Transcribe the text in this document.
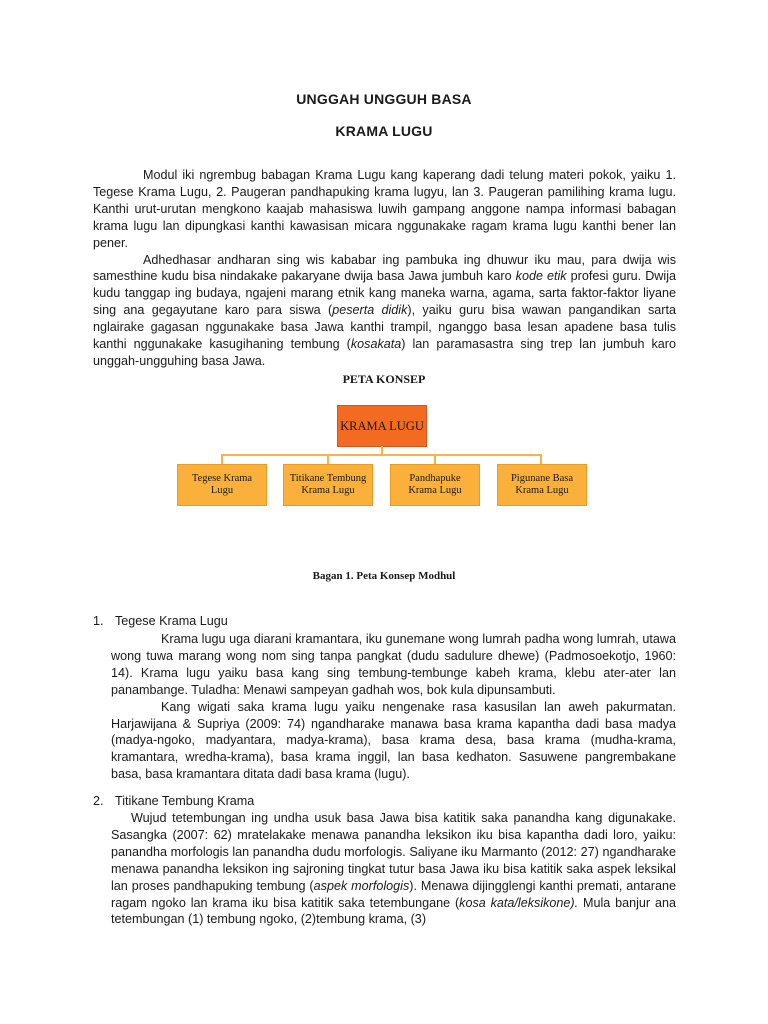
UNGGAH UNGGUH BASA
KRAMA LUGU

Modul iki ngrembug babagan Krama Lugu kang kaperang dadi telung materi pokok, yaiku 1. Tegese Krama Lugu, 2. Paugeran pandhapuking krama lugyu, lan 3. Paugeran pamilihing krama lugu. Kanthi urut-urutan mengkono kaajab mahasiswa luwih gampang anggone nampa informasi babagan krama lugu lan dipungkasi kanthi kawasisan micara nggunakake ragam krama lugu kanthi bener lan pener.

Adhedhasar andharan sing wis kababar ing pambuka ing dhuwur iku mau, para dwija wis samesthine kudu bisa nindakake pakaryane dwija basa Jawa jumbuh karo kode etik profesi guru. Dwija kudu tanggap ing budaya, ngajeni marang etnik kang maneka warna, agama, sarta faktor-faktor liyane sing ana gegayutane karo para siswa (peserta didik), yaiku guru bisa wawan pangandikan sarta nglairake gagasan nggunakake basa Jawa kanthi trampil, nganggo basa lesan apadene basa tulis kanthi nggunakake kasugihaning tembung (kosakata) lan paramasastra sing trep lan jumbuh karo unggah-ungguhing basa Jawa.

PETA KONSEP
KRAMA LUGU
Tegese Krama
Lugu
Titikane Tembung
Krama Lugu
Pandhapuke
Krama Lugu
Pigunane Basa
Krama Lugu
Bagan 1. Peta Konsep Modhul
1. Tegese Krama Lugu

Krama lugu uga diarani kramantara, iku gunemane wong lumrah padha wong lumrah, utawa wong tuwa marang wong nom sing tanpa pangkat (dudu sadulure dhewe) (Padmosoekotjo, 1960: 14). Krama lugu yaiku basa kang sing tembung-tembunge kabeh krama, klebu ater-ater lan panambange. Tuladha: Menawi sampeyan gadhah wos, bok kula dipunsambuti.

Kang wigati saka krama lugu yaiku nengenake rasa kasusilan lan aweh pakurmatan. Harjawijana & Supriya (2009: 74) ngandharake manawa basa krama kapantha dadi basa madya (madya-ngoko, madyantara, madya-krama), basa krama desa, basa krama (mudha-krama, kramantara, wredha-krama), basa krama inggil, lan basa kedhaton. Sasuwene pangrembakane basa, basa kramantara ditata dadi basa krama (lugu).

2. Titikane Tembung Krama

Wujud tetembungan ing undha usuk basa Jawa bisa katitik saka panandha kang digunakake. Sasangka (2007: 62) mratelakake menawa panandha leksikon iku bisa kapantha dadi loro, yaiku: panandha morfologis lan panandha dudu morfologis. Saliyane iku Marmanto (2012: 27) ngandharake menawa panandha leksikon ing sajroning tingkat tutur basa Jawa iku bisa katitik saka aspek leksikal lan proses pandhapuking tembung (aspek morfologis). Menawa dijingglengi kanthi premati, antarane ragam ngoko lan krama iku bisa katitik saka tetembungane (kosa kata/leksikone). Mula banjur ana tetembungan (1) tembung ngoko, (2)tembung krama, (3)
